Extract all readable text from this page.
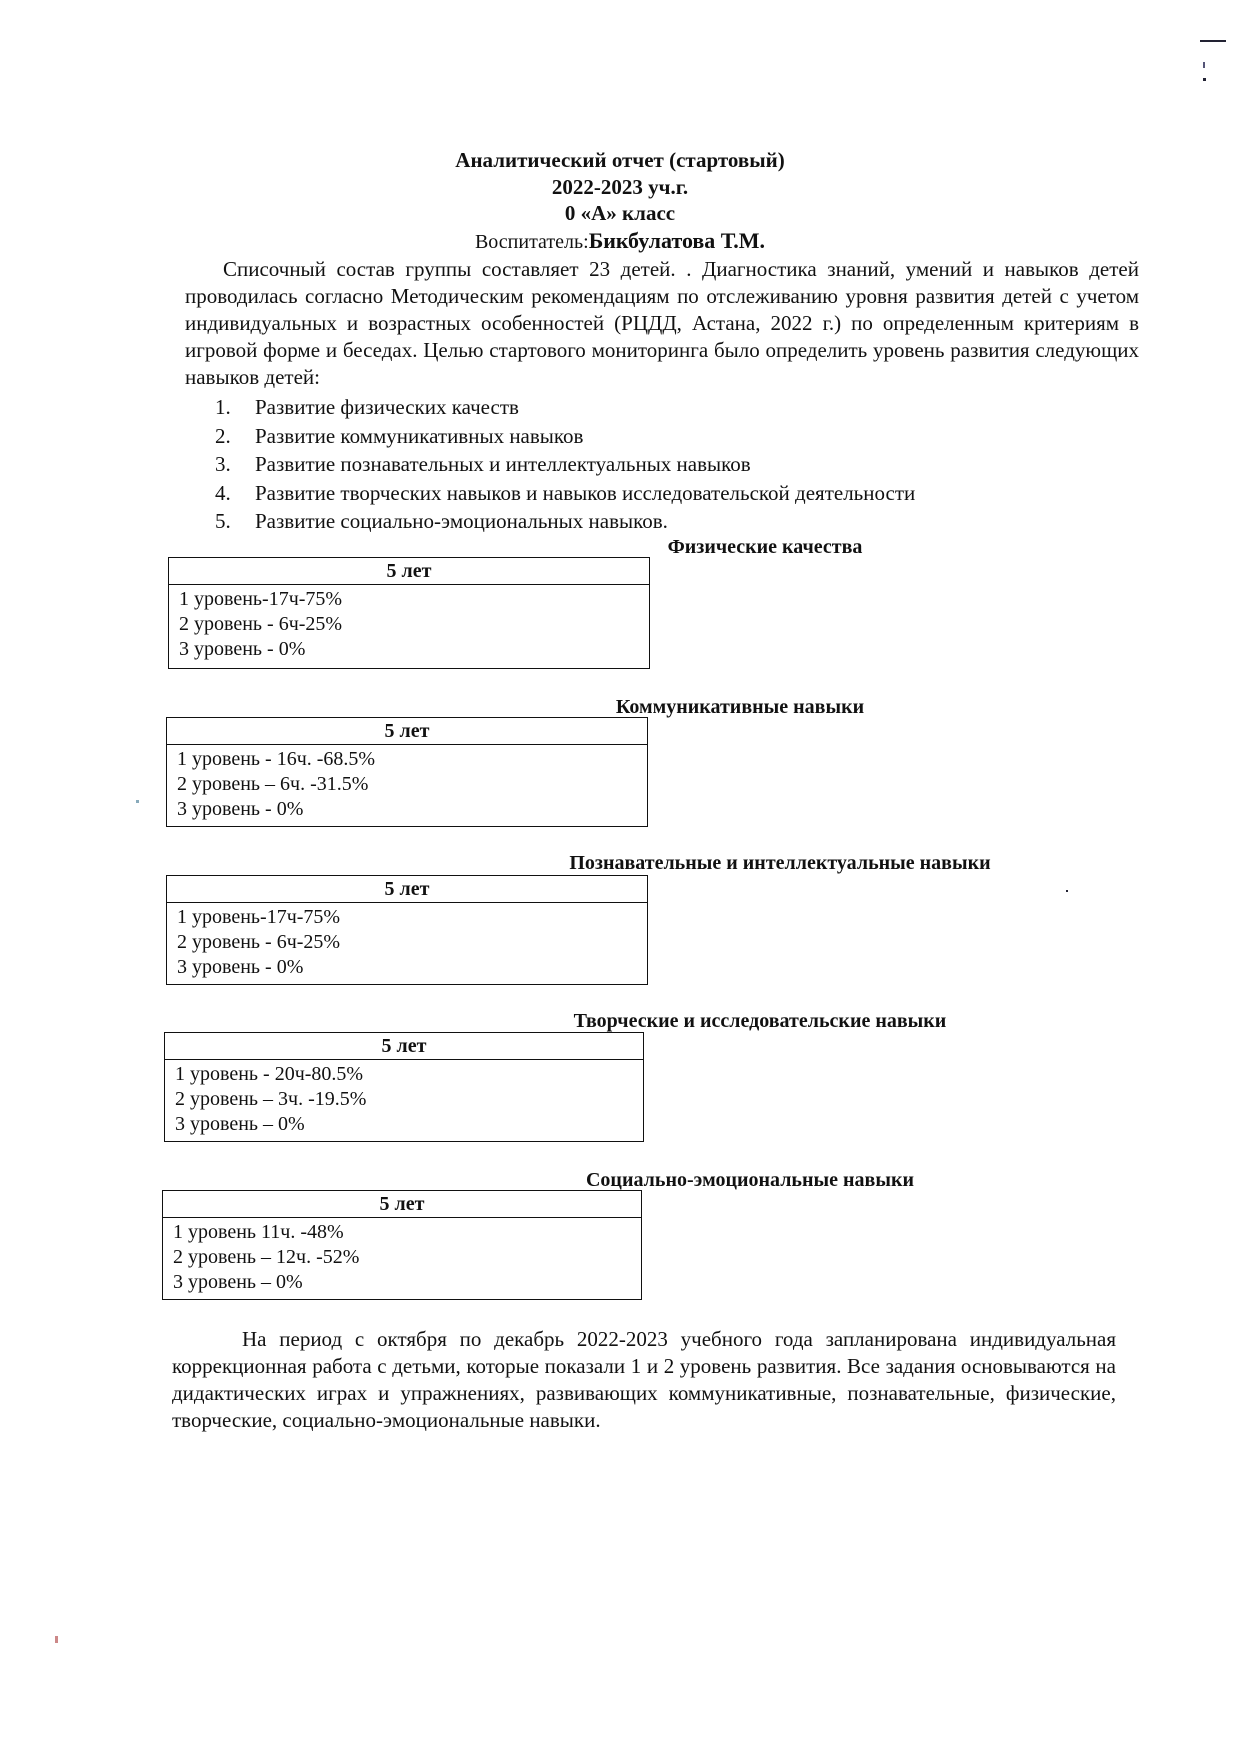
Аналитический отчет (стартовый)
2022-2023 уч.г.
0 «А» класс
Воспитатель:Бикбулатова Т.М.

Списочный состав группы составляет 23 детей. . Диагностика знаний, умений и навыков детей проводилась согласно Методическим рекомендациям по отслеживанию уровня развития детей с учетом индивидуальных и возрастных особенностей (РЦДД, Астана, 2022 г.) по определенным критериям в игровой форме и беседах. Целью стартового мониторинга было определить уровень развития следующих навыков детей:

1. Развитие физических качеств
2. Развитие коммуникативных навыков
3. Развитие познавательных и интеллектуальных навыков
4. Развитие творческих навыков и навыков исследовательской деятельности
5. Развитие социально-эмоциональных навыков.
Физические качества
5 лет
1 уровень-17ч-75%
2 уровень - 6ч-25%
3 уровень - 0%
Коммуникативные навыки
5 лет
1 уровень - 16ч. -68.5%
2 уровень – 6ч. -31.5%
3 уровень - 0%
Познавательные и интеллектуальные навыки
5 лет
1 уровень-17ч-75%
2 уровень - 6ч-25%
3 уровень - 0%
Творческие и исследовательские навыки
5 лет
1 уровень - 20ч-80.5%
2 уровень – 3ч. -19.5%
3 уровень – 0%
Социально-эмоциональные навыки
5 лет
1 уровень 11ч. -48%
2 уровень – 12ч. -52%
3 уровень – 0%

На период с октября по декабрь 2022-2023 учебного года запланирована индивидуальная коррекционная работа с детьми, которые показали 1 и 2 уровень развития. Все задания основываются на дидактических играх и упражнениях, развивающих коммуникативные, познавательные, физические, творческие, социально-эмоциональные навыки.
